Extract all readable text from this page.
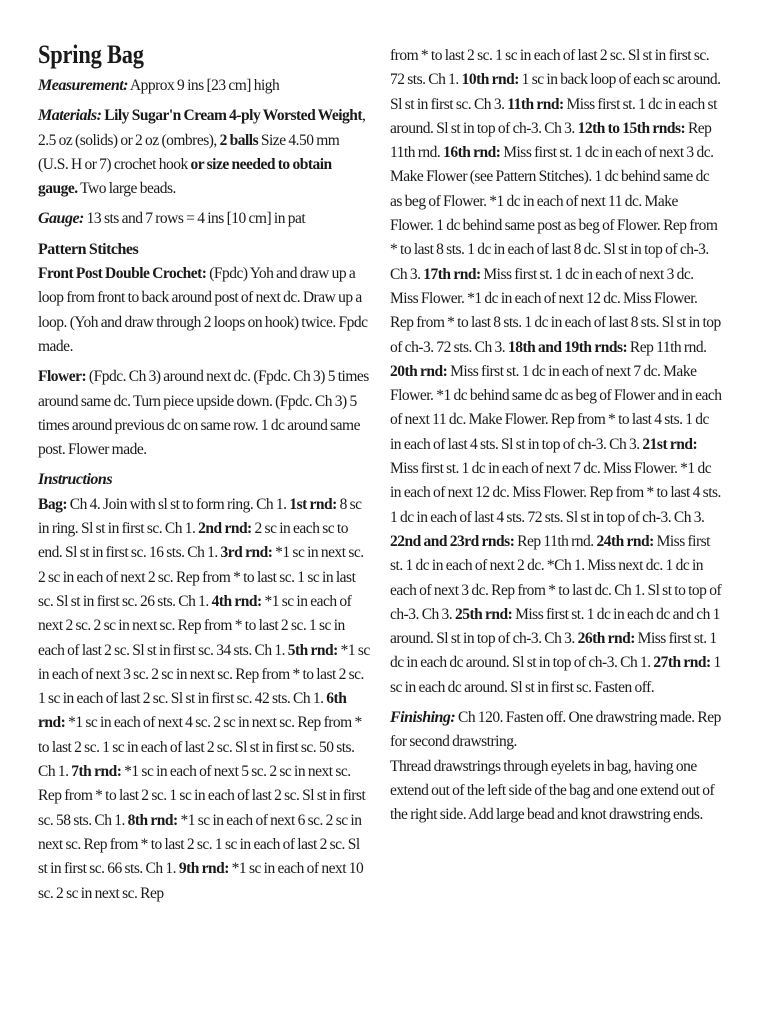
Spring Bag

Measurement: Approx 9 ins [23 cm] high

Materials: Lily Sugar'n Cream 4-ply Worsted Weight, 2.5 oz (solids) or 2 oz (ombres), 2 balls Size 4.50 mm (U.S. H or 7) crochet hook or size needed to obtain gauge. Two large beads.

Gauge: 13 sts and 7 rows = 4 ins [10 cm] in pat

Pattern Stitches
Front Post Double Crochet: (Fpdc) Yoh and draw up a loop from front to back around post of next dc. Draw up a loop. (Yoh and draw through 2 loops on hook) twice. Fpdc made.

Flower: (Fpdc. Ch 3) around next dc. (Fpdc. Ch 3) 5 times around same dc. Turn piece upside down. (Fpdc. Ch 3) 5 times around previous dc on same row. 1 dc around same post. Flower made.

Instructions
Bag: Ch 4. Join with sl st to form ring. Ch 1. 1st rnd: 8 sc in ring. Sl st in first sc. Ch 1. 2nd rnd: 2 sc in each sc to end. Sl st in first sc. 16 sts. Ch 1. 3rd rnd: *1 sc in next sc. 2 sc in each of next 2 sc. Rep from * to last sc. 1 sc in last sc. Sl st in first sc. 26 sts. Ch 1. 4th rnd: *1 sc in each of next 2 sc. 2 sc in next sc. Rep from * to last 2 sc. 1 sc in each of last 2 sc. Sl st in first sc. 34 sts. Ch 1. 5th rnd: *1 sc in each of next 3 sc. 2 sc in next sc. Rep from * to last 2 sc. 1 sc in each of last 2 sc. Sl st in first sc. 42 sts. Ch 1. 6th rnd: *1 sc in each of next 4 sc. 2 sc in next sc. Rep from * to last 2 sc. 1 sc in each of last 2 sc. Sl st in first sc. 50 sts. Ch 1. 7th rnd: *1 sc in each of next 5 sc. 2 sc in next sc. Rep from * to last 2 sc. 1 sc in each of last 2 sc. Sl st in first sc. 58 sts. Ch 1. 8th rnd: *1 sc in each of next 6 sc. 2 sc in next sc. Rep from * to last 2 sc. 1 sc in each of last 2 sc. Sl st in first sc. 66 sts. Ch 1. 9th rnd: *1 sc in each of next 10 sc. 2 sc in next sc. Rep

from * to last 2 sc. 1 sc in each of last 2 sc. Sl st in first sc. 72 sts. Ch 1. 10th rnd: 1 sc in back loop of each sc around. Sl st in first sc. Ch 3. 11th rnd: Miss first st. 1 dc in each st around. Sl st in top of ch-3. Ch 3. 12th to 15th rnds: Rep 11th rnd. 16th rnd: Miss first st. 1 dc in each of next 3 dc. Make Flower (see Pattern Stitches). 1 dc behind same dc as beg of Flower. *1 dc in each of next 11 dc. Make Flower. 1 dc behind same post as beg of Flower. Rep from * to last 8 sts. 1 dc in each of last 8 dc. Sl st in top of ch-3. Ch 3. 17th rnd: Miss first st. 1 dc in each of next 3 dc. Miss Flower. *1 dc in each of next 12 dc. Miss Flower. Rep from * to last 8 sts. 1 dc in each of last 8 sts. Sl st in top of ch-3. 72 sts. Ch 3. 18th and 19th rnds: Rep 11th rnd. 20th rnd: Miss first st. 1 dc in each of next 7 dc. Make Flower. *1 dc behind same dc as beg of Flower and in each of next 11 dc. Make Flower. Rep from * to last 4 sts. 1 dc in each of last 4 sts. Sl st in top of ch-3. Ch 3. 21st rnd: Miss first st. 1 dc in each of next 7 dc. Miss Flower. *1 dc in each of next 12 dc. Miss Flower. Rep from * to last 4 sts. 1 dc in each of last 4 sts. 72 sts. Sl st in top of ch-3. Ch 3. 22nd and 23rd rnds: Rep 11th rnd. 24th rnd: Miss first st. 1 dc in each of next 2 dc. *Ch 1. Miss next dc. 1 dc in each of next 3 dc. Rep from * to last dc. Ch 1. Sl st to top of ch-3. Ch 3. 25th rnd: Miss first st. 1 dc in each dc and ch 1 around. Sl st in top of ch-3. Ch 3. 26th rnd: Miss first st. 1 dc in each dc around. Sl st in top of ch-3. Ch 1. 27th rnd: 1 sc in each dc around. Sl st in first sc. Fasten off.

Finishing: Ch 120. Fasten off. One drawstring made. Rep for second drawstring.

Thread drawstrings through eyelets in bag, having one extend out of the left side of the bag and one extend out of the right side. Add large bead and knot drawstring ends.
